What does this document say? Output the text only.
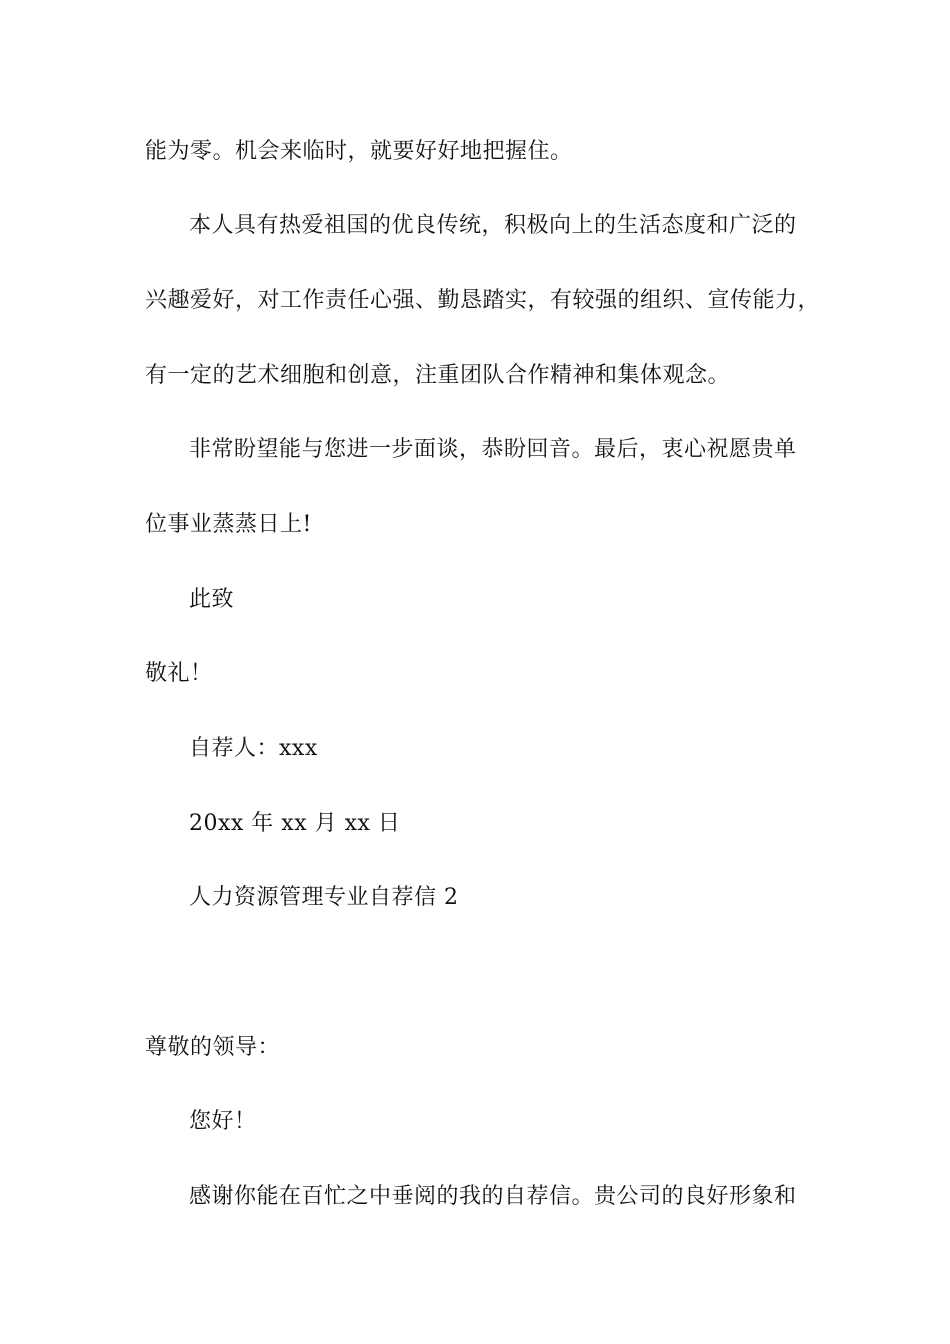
能为零。机会来临时，就要好好地把握住。
本人具有热爱祖国的优良传统，积极向上的生活态度和广泛的
兴趣爱好，对工作责任心强、勤恳踏实，有较强的组织、宣传能力，
有一定的艺术细胞和创意，注重团队合作精神和集体观念。
非常盼望能与您进一步面谈，恭盼回音。最后，衷心祝愿贵单
位事业蒸蒸日上!
此致
敬礼！
自荐人：xxx
20xx 年 xx 月 xx 日
人力资源管理专业自荐信 2
尊敬的领导：
您好！
感谢你能在百忙之中垂阅的我的自荐信。贵公司的良好形象和
